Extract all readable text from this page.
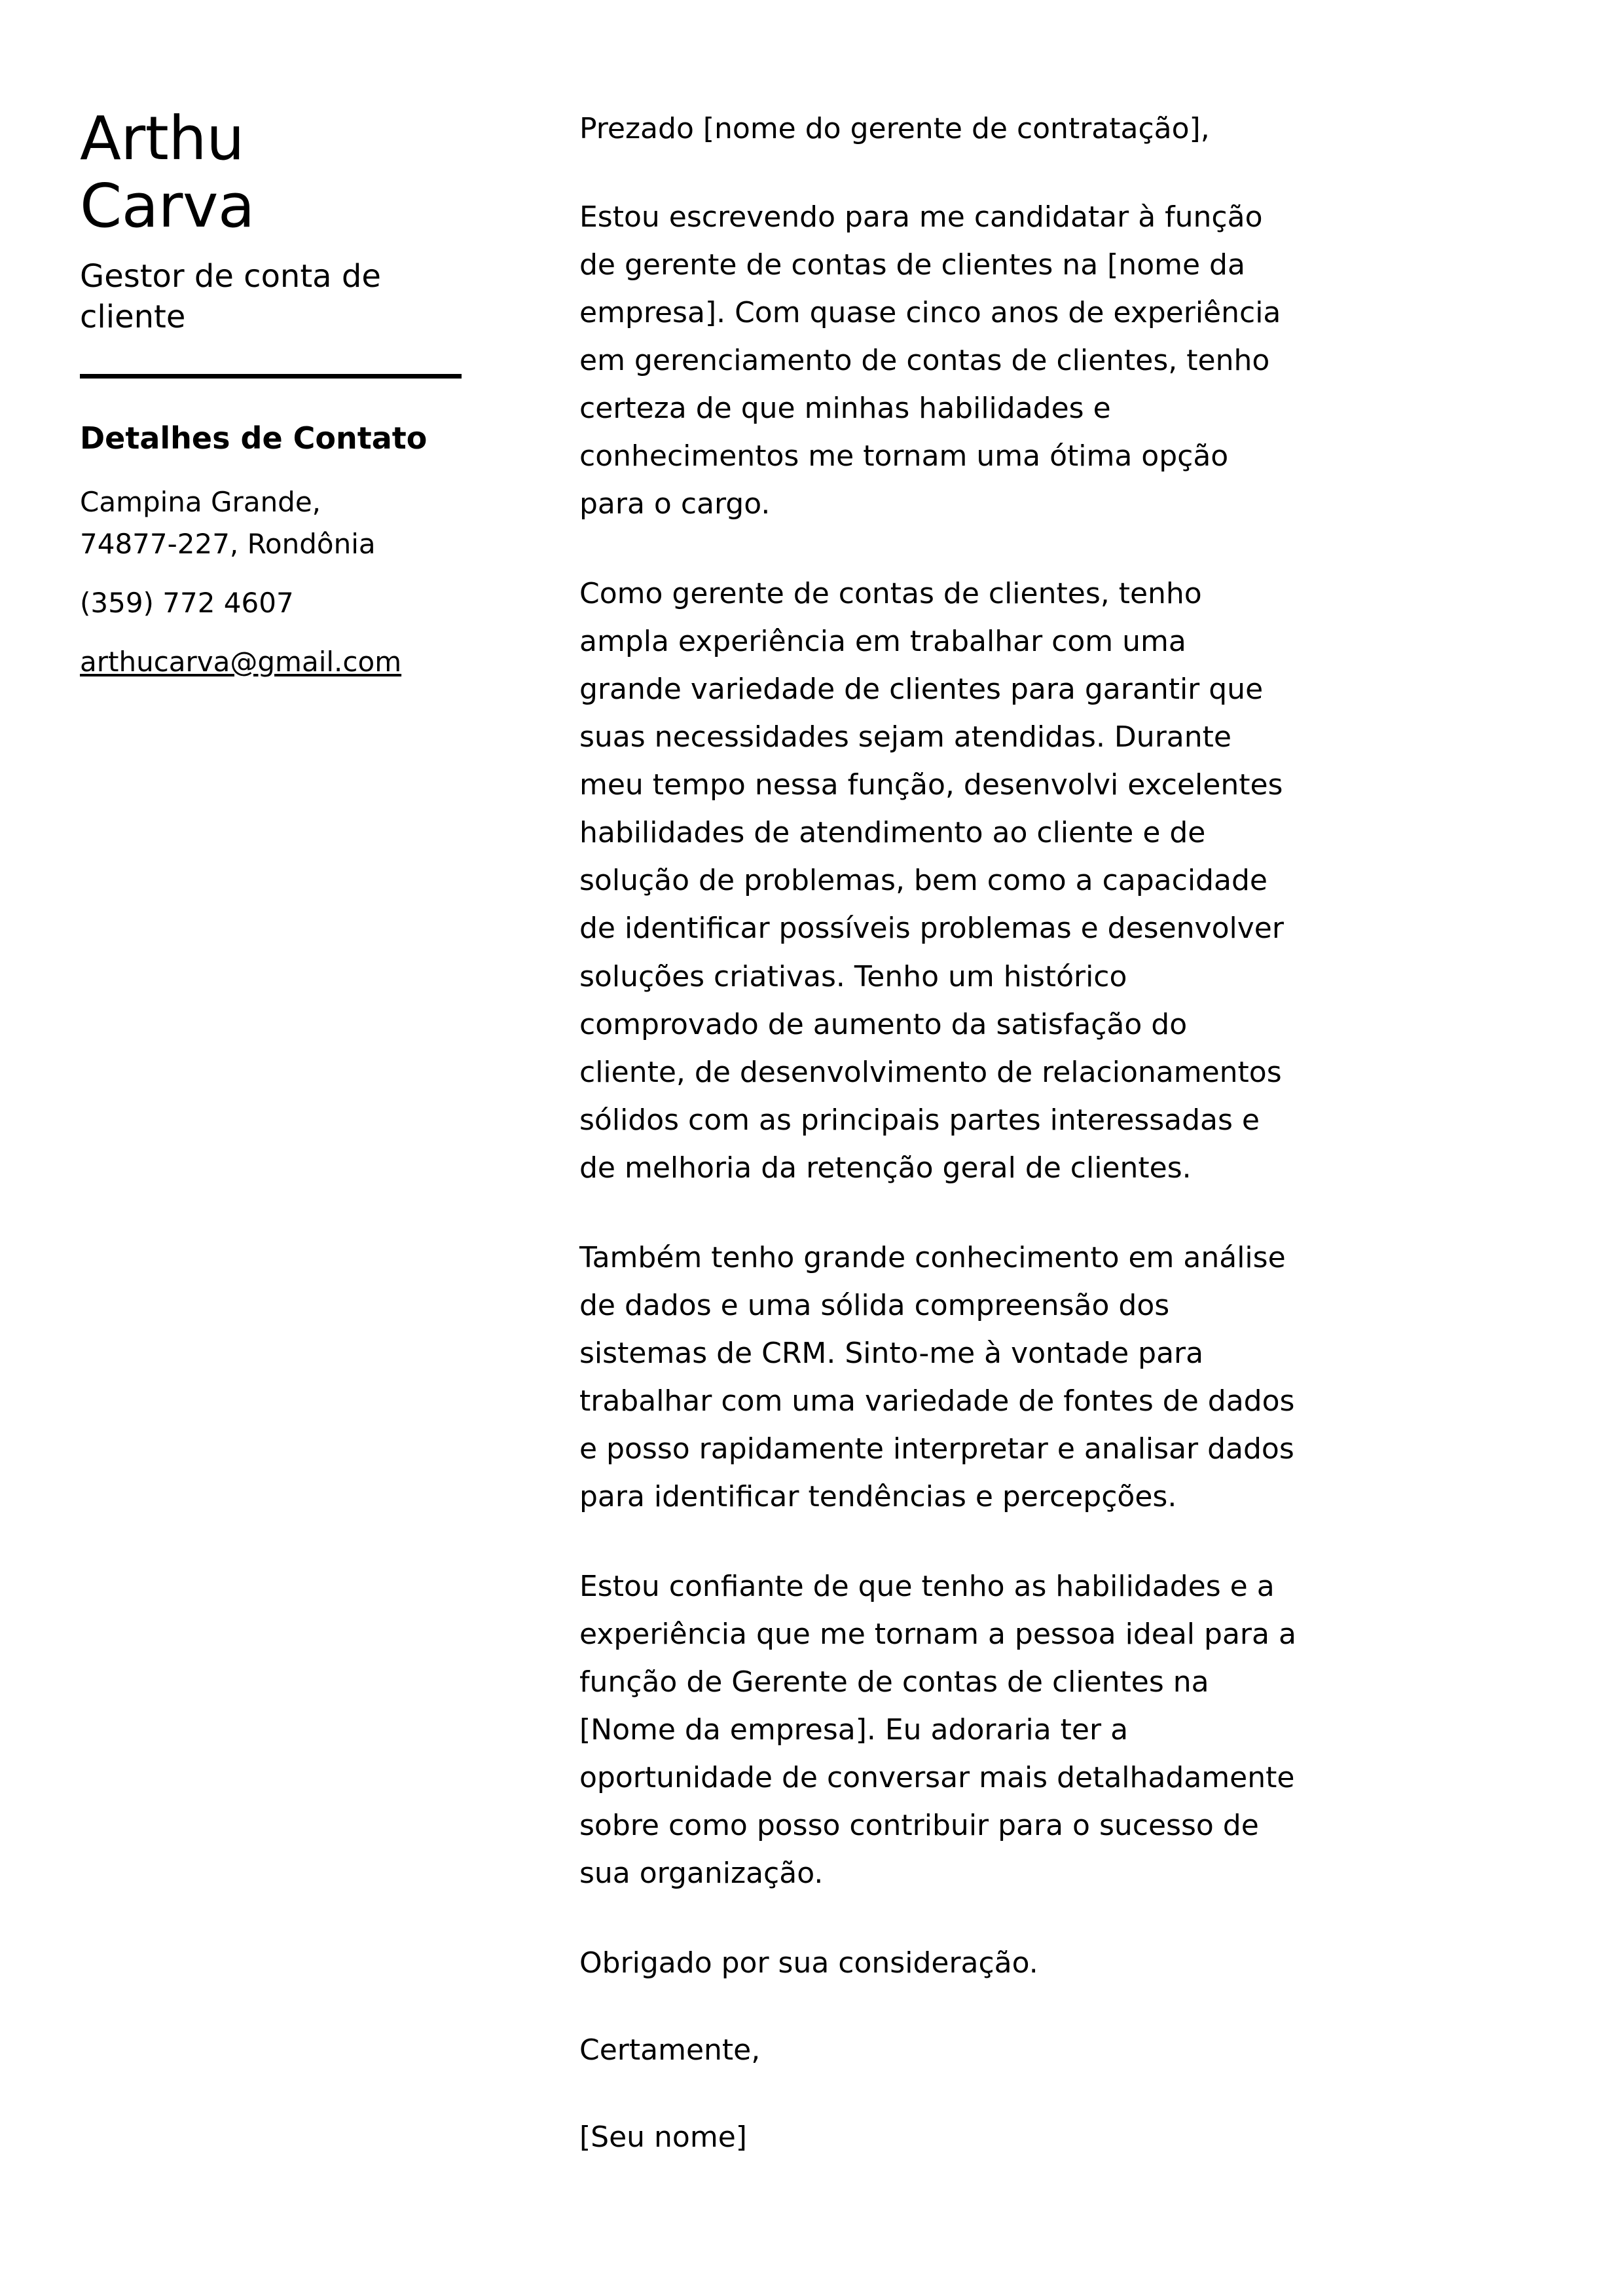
Arthu
Carva
Gestor de conta de cliente
Detalhes de Contato
Campina Grande, 74877-227, Rondônia
(359) 772 4607
arthucarva@gmail.com

Prezado [nome do gerente de contratação],

Estou escrevendo para me candidatar à função de gerente de contas de clientes na [nome da empresa]. Com quase cinco anos de experiência em gerenciamento de contas de clientes, tenho certeza de que minhas habilidades e conhecimentos me tornam uma ótima opção para o cargo.

Como gerente de contas de clientes, tenho ampla experiência em trabalhar com uma grande variedade de clientes para garantir que suas necessidades sejam atendidas. Durante meu tempo nessa função, desenvolvi excelentes habilidades de atendimento ao cliente e de solução de problemas, bem como a capacidade de identificar possíveis problemas e desenvolver soluções criativas. Tenho um histórico comprovado de aumento da satisfação do cliente, de desenvolvimento de relacionamentos sólidos com as principais partes interessadas e de melhoria da retenção geral de clientes.

Também tenho grande conhecimento em análise de dados e uma sólida compreensão dos sistemas de CRM. Sinto-me à vontade para trabalhar com uma variedade de fontes de dados e posso rapidamente interpretar e analisar dados para identificar tendências e percepções.

Estou confiante de que tenho as habilidades e a experiência que me tornam a pessoa ideal para a função de Gerente de contas de clientes na [Nome da empresa]. Eu adoraria ter a oportunidade de conversar mais detalhadamente sobre como posso contribuir para o sucesso de sua organização.

Obrigado por sua consideração.

Certamente,

[Seu nome]
